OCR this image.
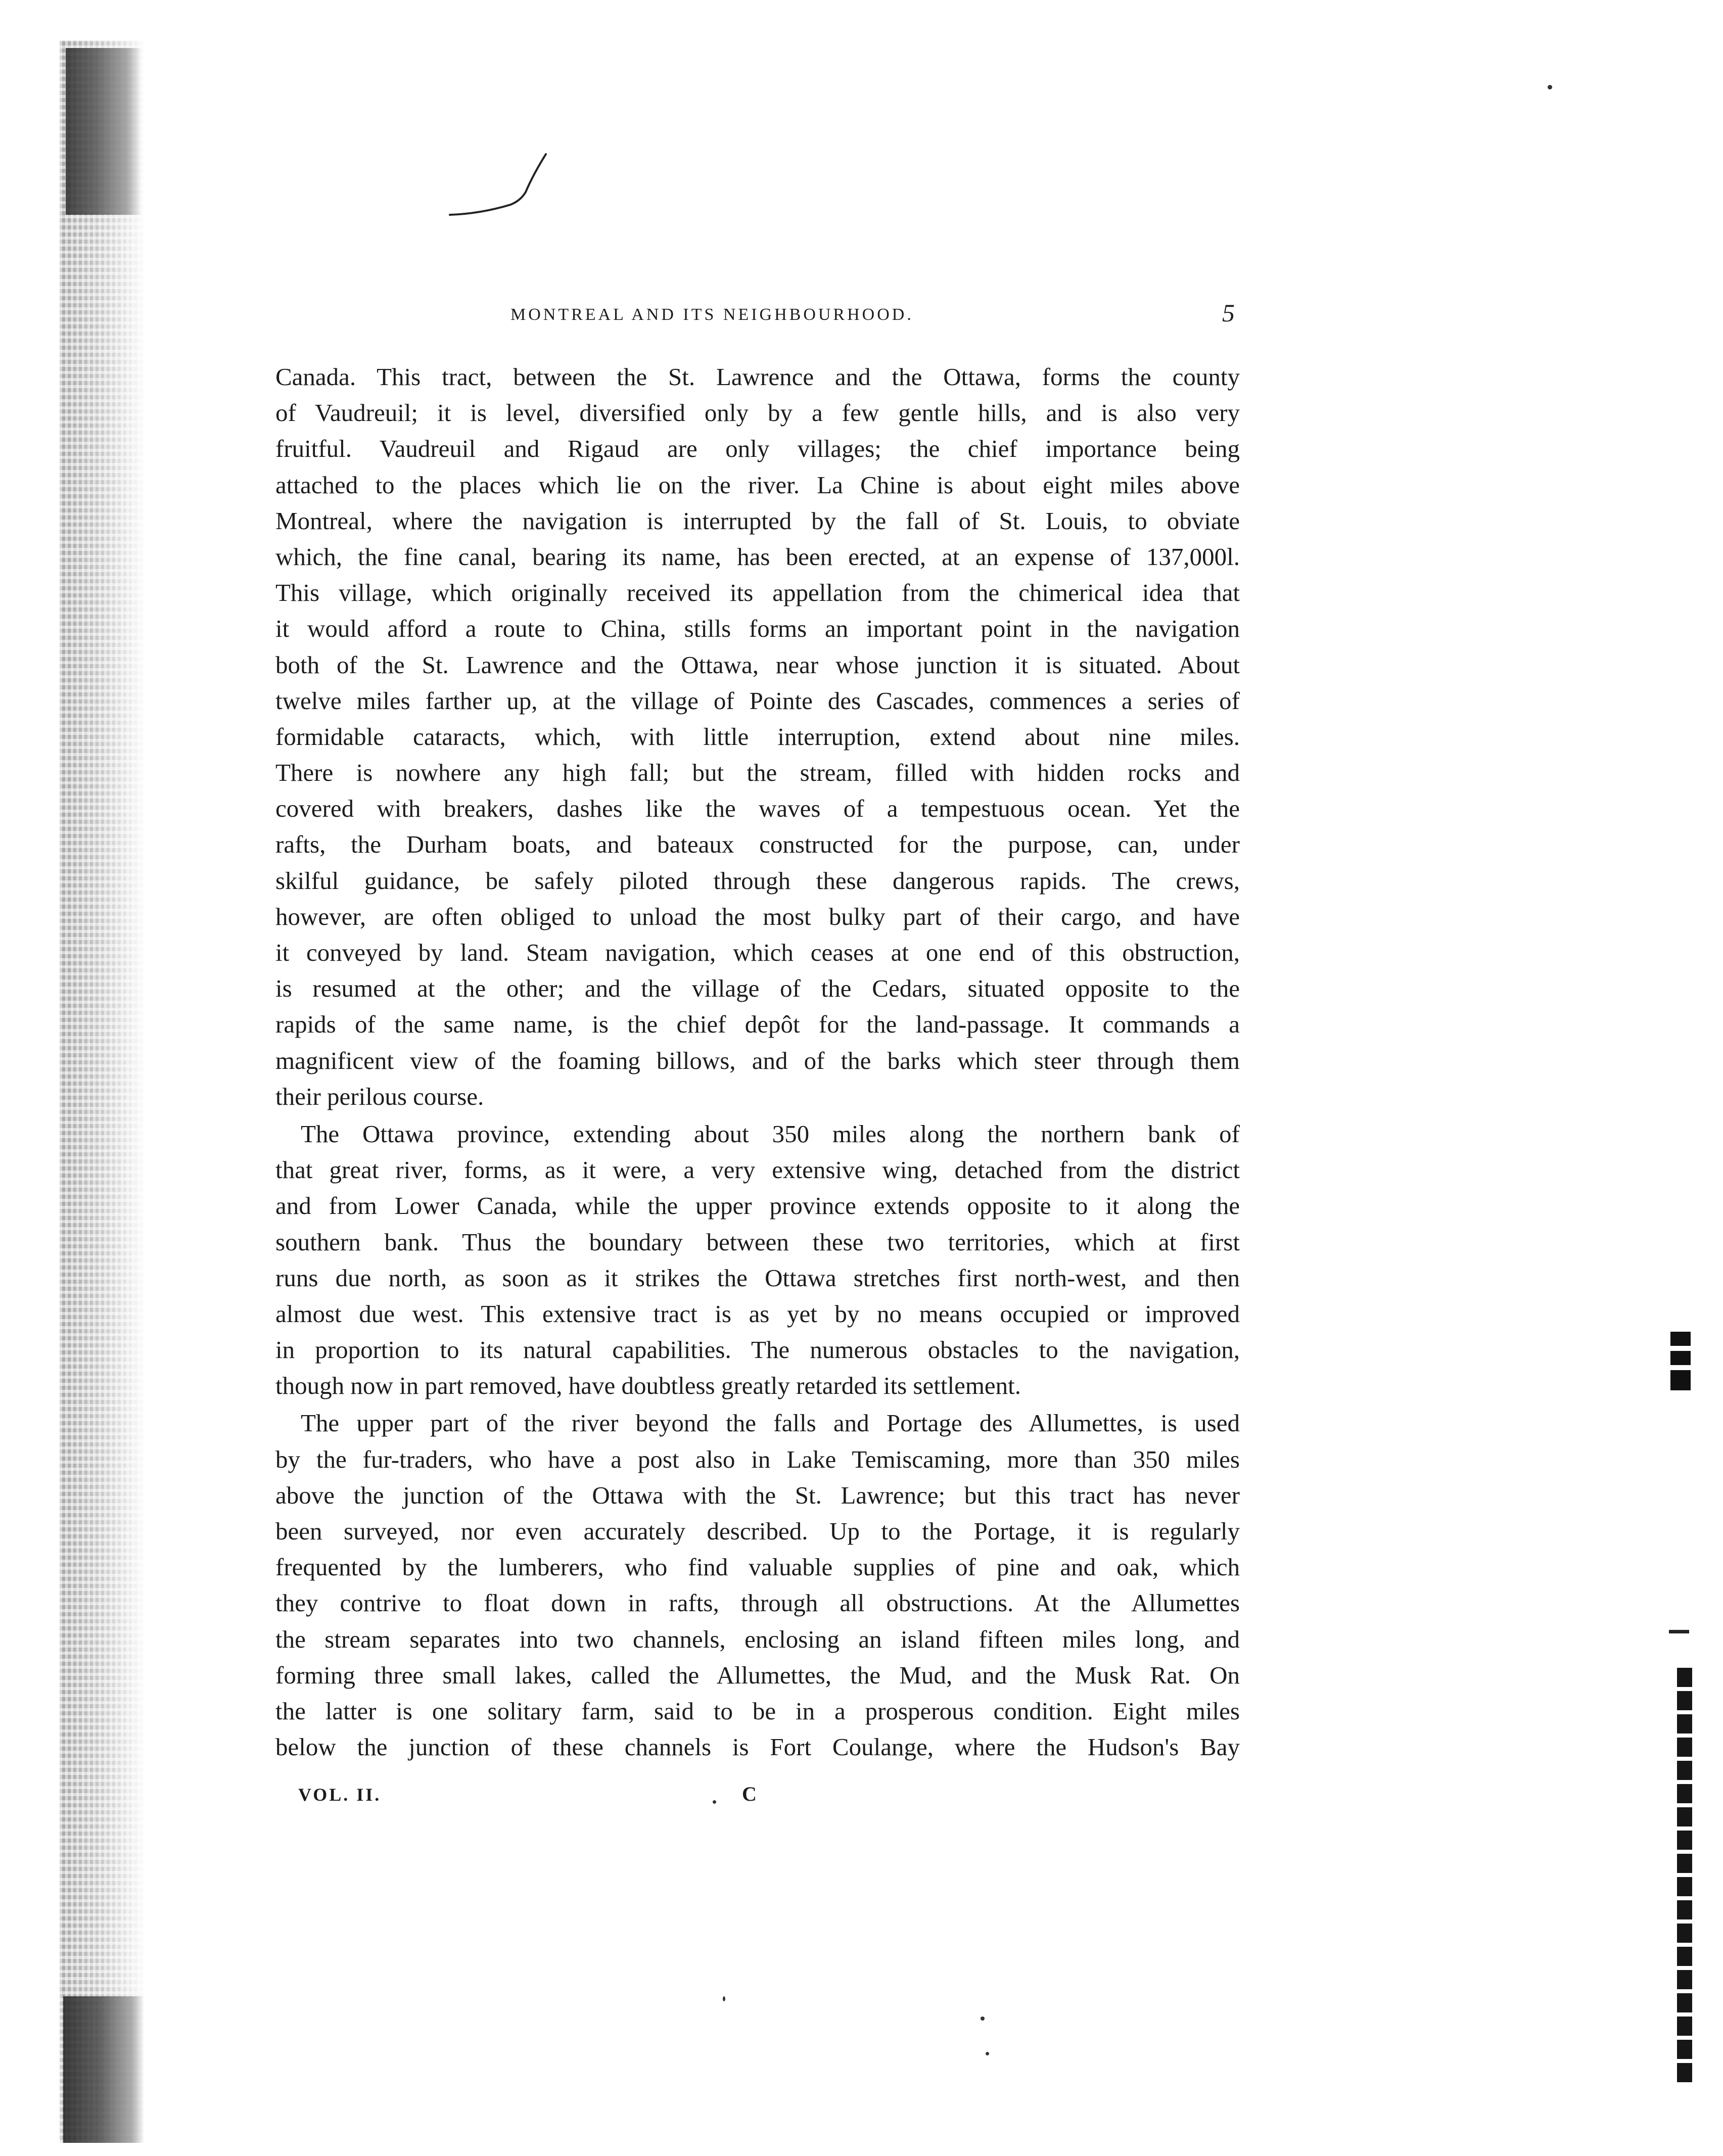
MONTREAL AND ITS NEIGHBOURHOOD.	5
Canada. This tract, between the St. Lawrence and the Ottawa, forms the county
of Vaudreuil; it is level, diversified only by a few gentle hills, and is also very
fruitful. Vaudreuil and Rigaud are only villages; the chief importance being
attached to the places which lie on the river. La Chine is about eight miles above
Montreal, where the navigation is interrupted by the fall of St. Louis, to obviate
which, the fine canal, bearing its name, has been erected, at an expense of 137,000l.
This village, which originally received its appellation from the chimerical idea that
it would afford a route to China, stills forms an important point in the navigation
both of the St. Lawrence and the Ottawa, near whose junction it is situated. About
twelve miles farther up, at the village of Pointe des Cascades, commences a series of
formidable cataracts, which, with little interruption, extend about nine miles.
There is nowhere any high fall; but the stream, filled with hidden rocks and
covered with breakers, dashes like the waves of a tempestuous ocean. Yet the
rafts, the Durham boats, and bateaux constructed for the purpose, can, under
skilful guidance, be safely piloted through these dangerous rapids. The crews,
however, are often obliged to unload the most bulky part of their cargo, and have
it conveyed by land. Steam navigation, which ceases at one end of this obstruction,
is resumed at the other; and the village of the Cedars, situated opposite to the
rapids of the same name, is the chief depôt for the land-passage. It commands a
magnificent view of the foaming billows, and of the barks which steer through them
their perilous course.
The Ottawa province, extending about 350 miles along the northern bank of
that great river, forms, as it were, a very extensive wing, detached from the district
and from Lower Canada, while the upper province extends opposite to it along the
southern bank. Thus the boundary between these two territories, which at first
runs due north, as soon as it strikes the Ottawa stretches first north-west, and then
almost due west. This extensive tract is as yet by no means occupied or improved
in proportion to its natural capabilities. The numerous obstacles to the navigation,
though now in part removed, have doubtless greatly retarded its settlement.
The upper part of the river beyond the falls and Portage des Allumettes, is used
by the fur-traders, who have a post also in Lake Temiscaming, more than 350 miles
above the junction of the Ottawa with the St. Lawrence; but this tract has never
been surveyed, nor even accurately described. Up to the Portage, it is regularly
frequented by the lumberers, who find valuable supplies of pine and oak, which
they contrive to float down in rafts, through all obstructions. At the Allumettes
the stream separates into two channels, enclosing an island fifteen miles long, and
forming three small lakes, called the Allumettes, the Mud, and the Musk Rat. On
the latter is one solitary farm, said to be in a prosperous condition. Eight miles
below the junction of these channels is Fort Coulange, where the Hudson's Bay
VOL. II.	C
